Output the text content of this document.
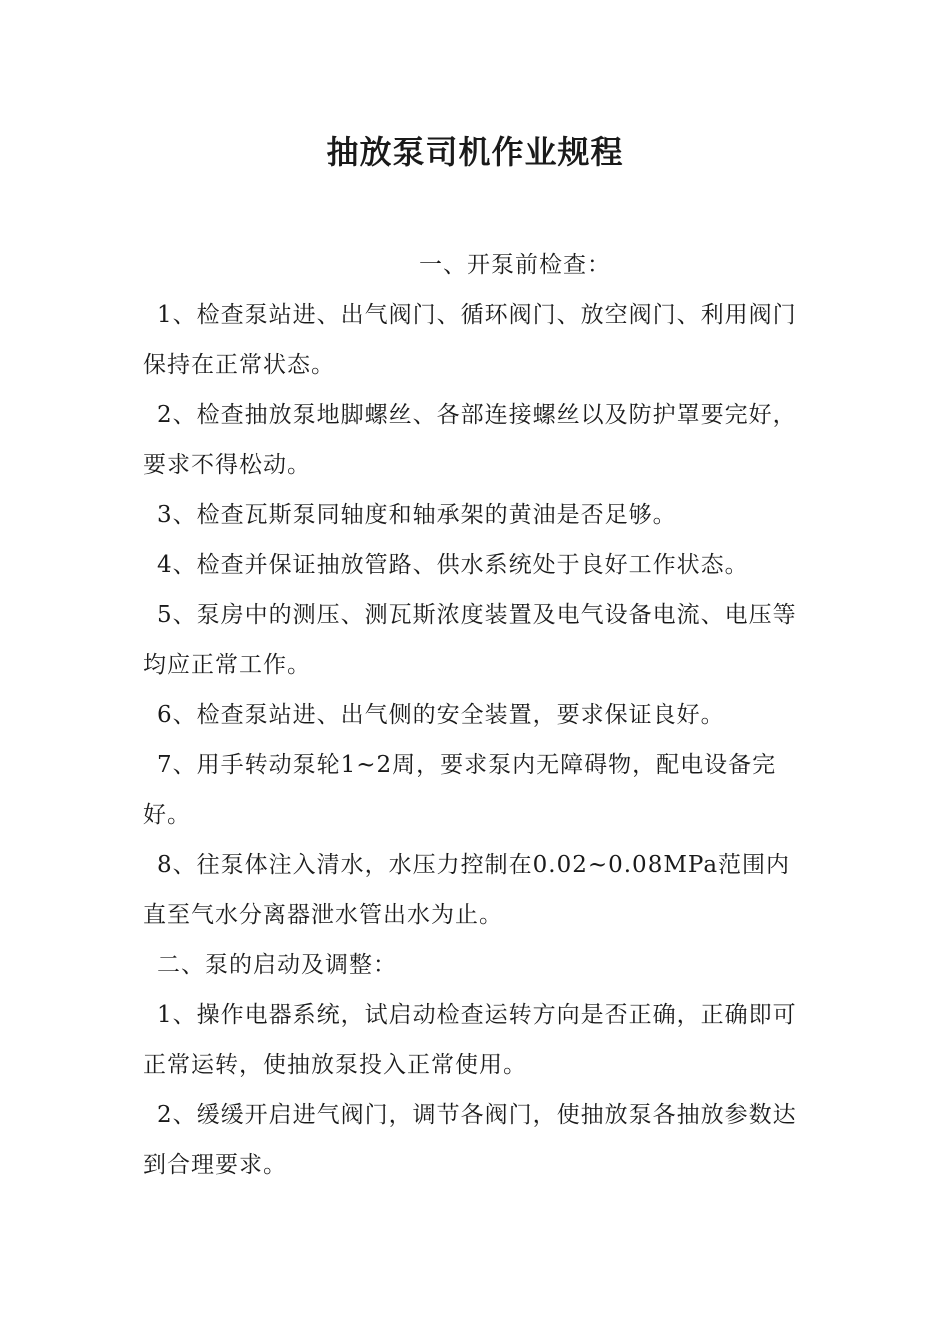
抽放泵司机作业规程

一、开泵前检查：

1、检查泵站进、出气阀门、循环阀门、放空阀门、利用阀门保持在正常状态。

2、检查抽放泵地脚螺丝、各部连接螺丝以及防护罩要完好，要求不得松动。

3、检查瓦斯泵同轴度和轴承架的黄油是否足够。

4、检查并保证抽放管路、供水系统处于良好工作状态。

5、泵房中的测压、测瓦斯浓度装置及电气设备电流、电压等均应正常工作。

6、检查泵站进、出气侧的安全装置，要求保证良好。

7、用手转动泵轮1~2周，要求泵内无障碍物，配电设备完好。

8、往泵体注入清水，水压力控制在0.02~0.08MPa范围内直至气水分离器泄水管出水为止。

二、泵的启动及调整：

1、操作电器系统，试启动检查运转方向是否正确，正确即可正常运转，使抽放泵投入正常使用。

2、缓缓开启进气阀门，调节各阀门，使抽放泵各抽放参数达到合理要求。
